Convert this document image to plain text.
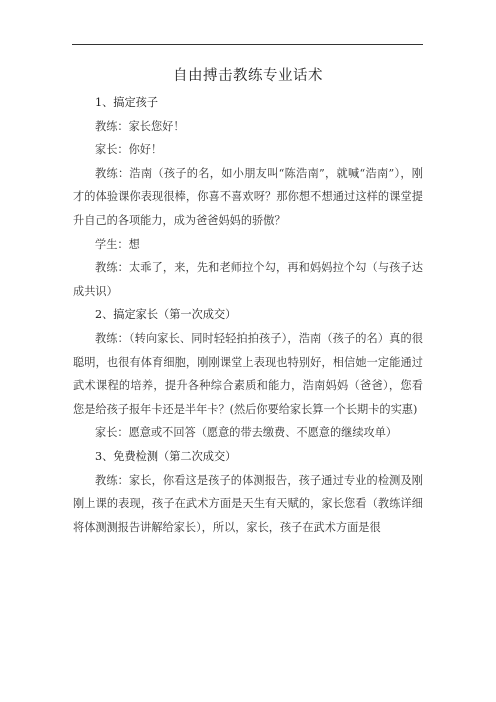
自由搏击教练专业话术

1、搞定孩子

教练：家长您好！

家长：你好！

教练：浩南（孩子的名，如小朋友叫“陈浩南”，就喊“浩南”），刚才的体验课你表现很棒，你喜不喜欢呀？那你想不想通过这样的课堂提升自己的各项能力，成为爸爸妈妈的骄傲？

学生：想

教练：太乖了，来，先和老师拉个勾，再和妈妈拉个勾（与孩子达成共识）

2、搞定家长（第一次成交）

教练：（转向家长、同时轻轻拍拍孩子），浩南（孩子的名）真的很聪明，也很有体育细胞，刚刚课堂上表现也特别好，相信她一定能通过武术课程的培养，提升各种综合素质和能力，浩南妈妈（爸爸），您看您是给孩子报年卡还是半年卡？(然后你要给家长算一个长期卡的实惠)

家长：愿意或不回答（愿意的带去缴费、不愿意的继续攻单）

3、免费检测（第二次成交）

教练：家长，你看这是孩子的体测报告，孩子通过专业的检测及刚刚上课的表现，孩子在武术方面是天生有天赋的，家长您看（教练详细将体测测报告讲解给家长），所以，家长，孩子在武术方面是很
